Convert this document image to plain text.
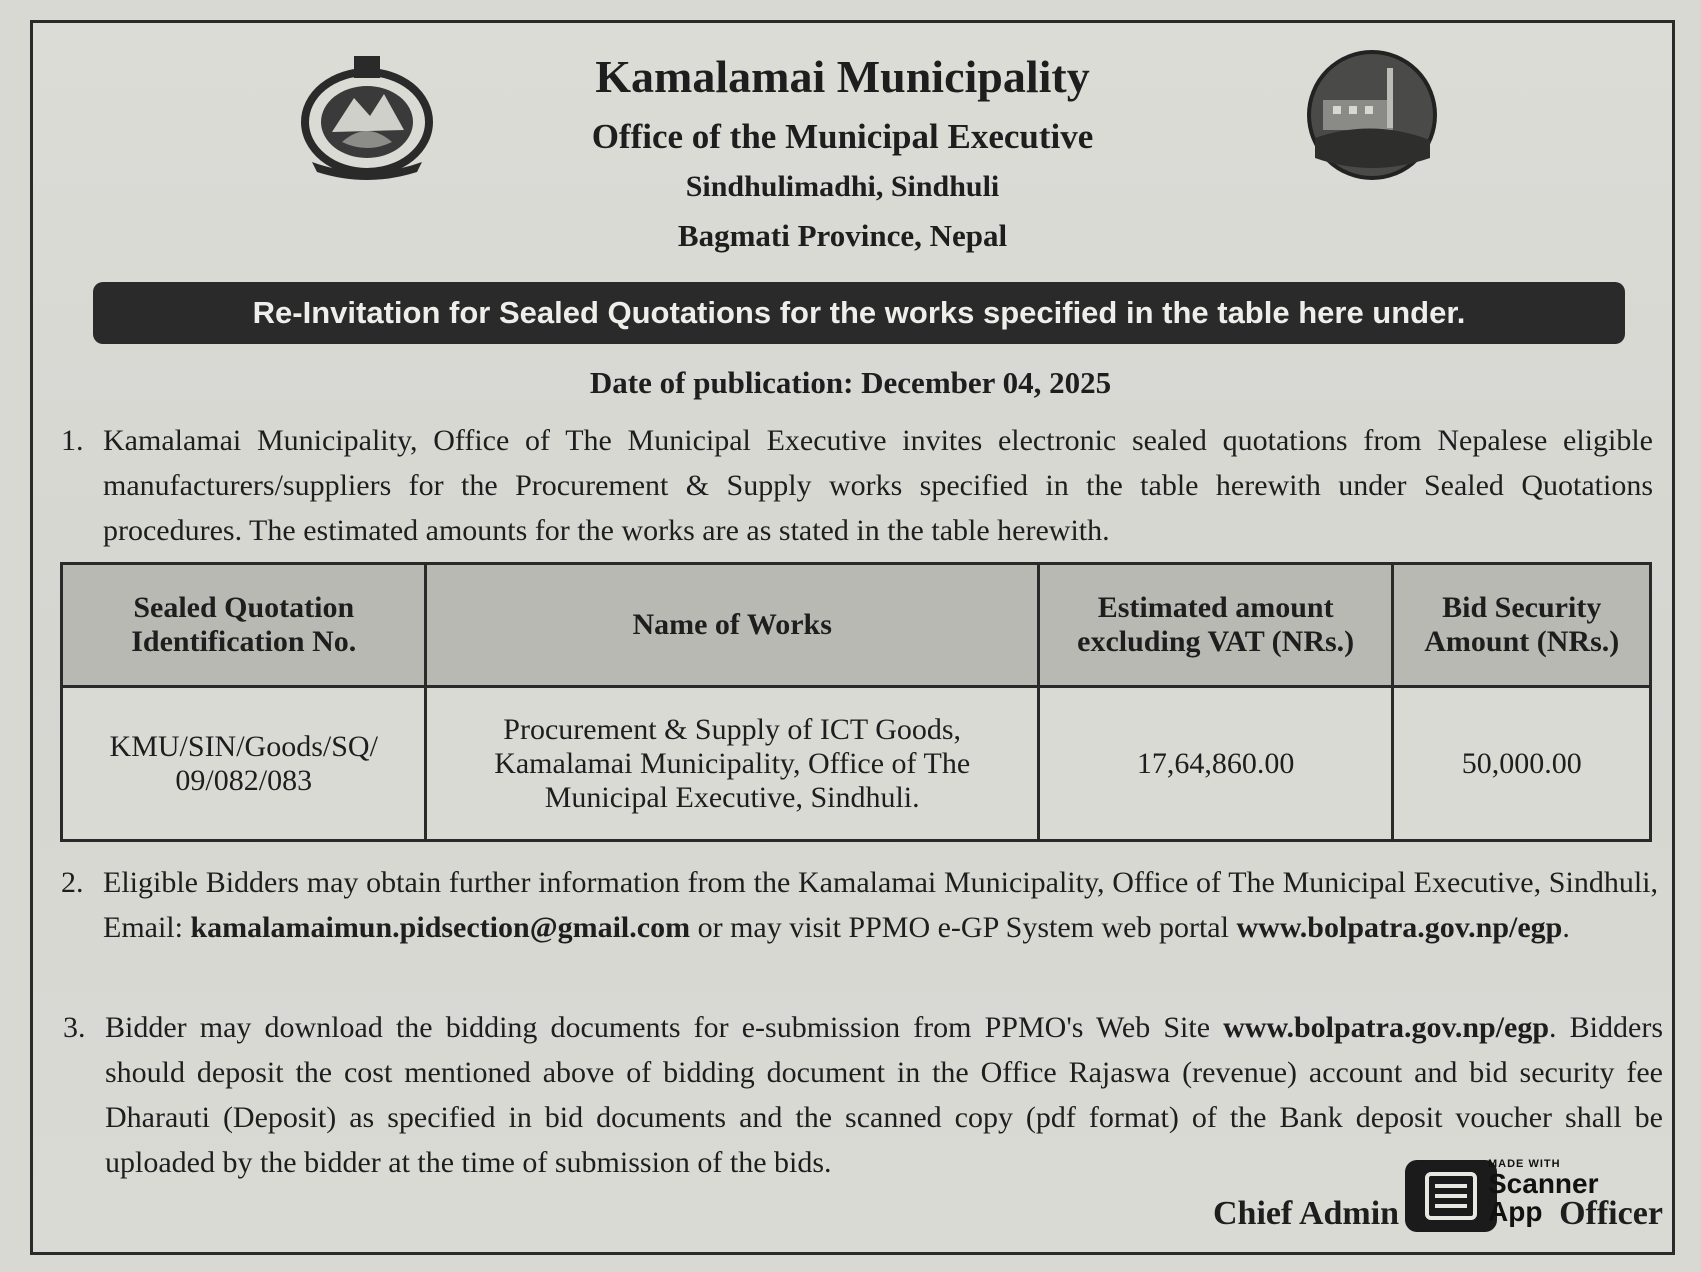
Kamalamai Municipality
Office of the Municipal Executive
Sindhulimadhi, Sindhuli
Bagmati Province, Nepal
Re-Invitation for Sealed Quotations for the works specified in the table here under.
Date of publication: December 04, 2025
1. Kamalamai Municipality, Office of The Municipal Executive invites electronic sealed quotations from Nepalese eligible manufacturers/suppliers for the Procurement & Supply works specified in the table herewith under Sealed Quotations procedures. The estimated amounts for the works are as stated in the table herewith.
Sealed Quotation Identification No.	Name of Works	Estimated amount excluding VAT (NRs.)	Bid Security Amount (NRs.)
KMU/SIN/Goods/SQ/ 09/082/083	Procurement & Supply of ICT Goods, Kamalamai Municipality, Office of The Municipal Executive, Sindhuli.	17,64,860.00	50,000.00
2. Eligible Bidders may obtain further information from the Kamalamai Municipality, Office of The Municipal Executive, Sindhuli, Email: kamalamaimun.pidsection@gmail.com or may visit PPMO e-GP System web portal www.bolpatra.gov.np/egp.
3. Bidder may download the bidding documents for e-submission from PPMO's Web Site www.bolpatra.gov.np/egp. Bidders should deposit the cost mentioned above of bidding document in the Office Rajaswa (revenue) account and bid security fee Dharauti (Deposit) as specified in bid documents and the scanned copy (pdf format) of the Bank deposit voucher shall be uploaded by the bidder at the time of submission of the bids.
Chief Admin	Officer
MADE WITH
Scanner
App
